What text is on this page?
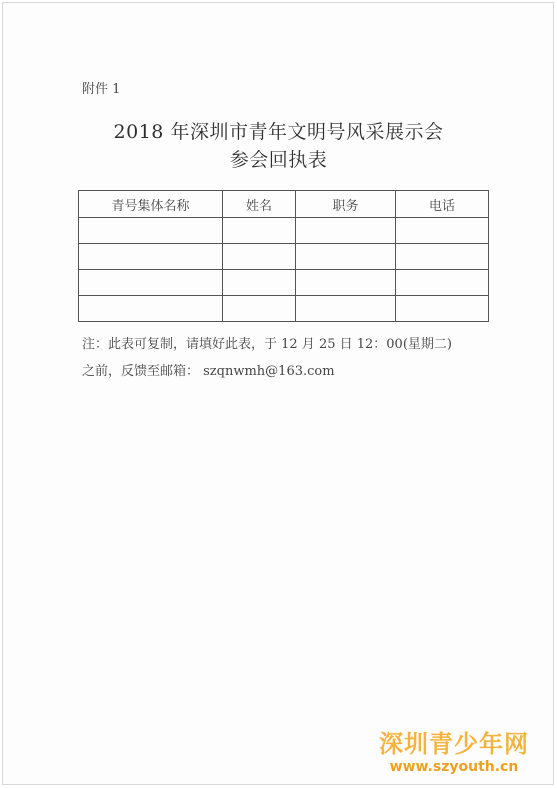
附件 1
2018 年深圳市青年文明号风采展示会
参会回执表
青号集体名称	姓名	职务	电话

注：此表可复制，请填好此表，于 12 月 25 日 12：00(星期二)
之前，反馈至邮箱： szqnwmh@163.com
深圳青少年网
www.szyouth.cn
